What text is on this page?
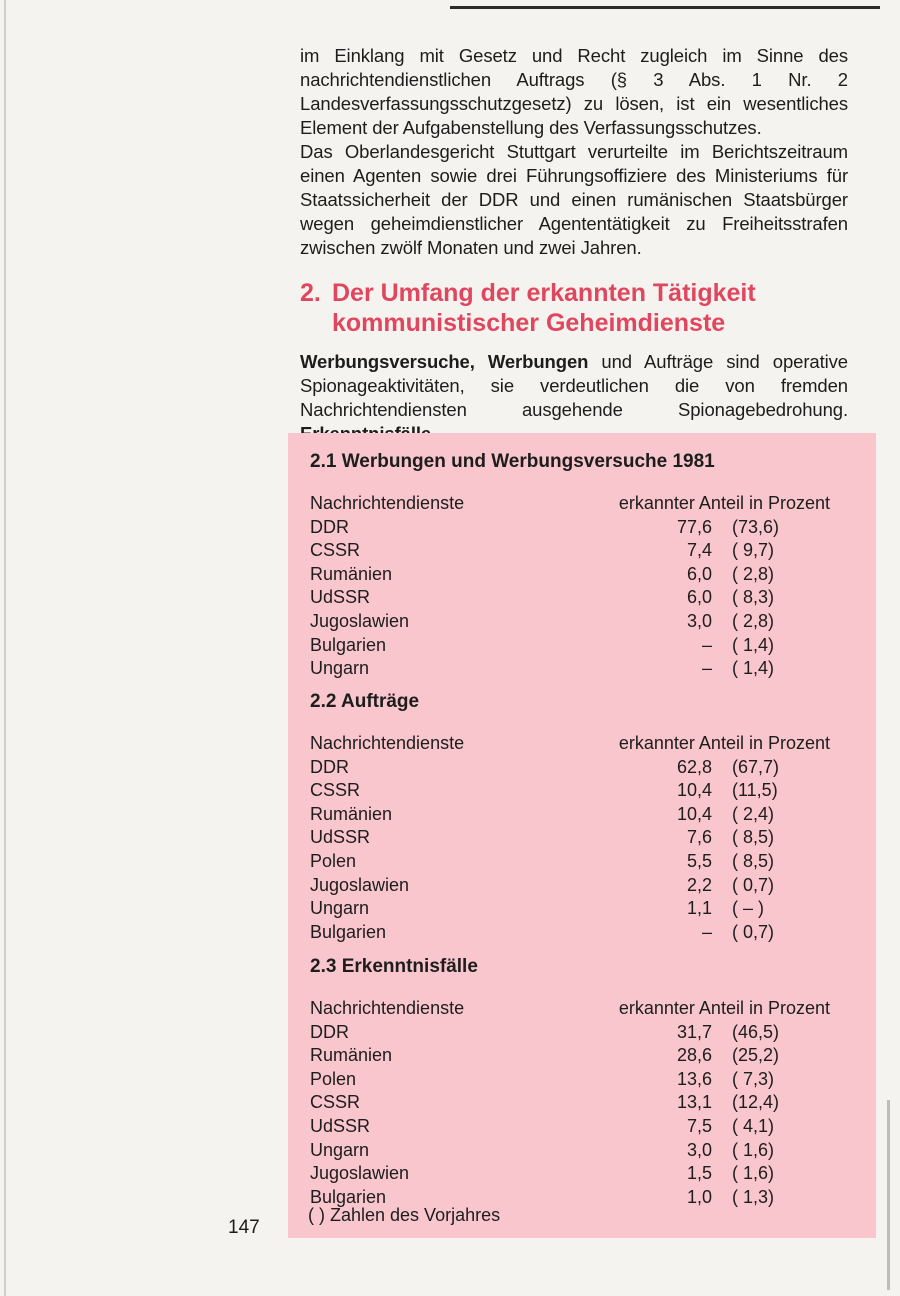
im Einklang mit Gesetz und Recht zugleich im Sinne des nachrichtendienstlichen Auftrags (§ 3 Abs. 1 Nr. 2 Landesverfassungsschutzgesetz) zu lösen, ist ein wesentliches Element der Aufgabenstellung des Verfassungsschutzes.
Das Oberlandesgericht Stuttgart verurteilte im Berichtszeitraum einen Agenten sowie drei Führungsoffiziere des Ministeriums für Staatssicherheit der DDR und einen rumänischen Staatsbürger wegen geheimdienstlicher Agententätigkeit zu Freiheitsstrafen zwischen zwölf Monaten und zwei Jahren.
2. Der Umfang der erkannten Tätigkeit
kommunistischer Geheimdienste
Werbungsversuche, Werbungen und Aufträge sind operative Spionageaktivitäten, sie verdeutlichen die von fremden Nachrichtendiensten ausgehende Spionagebedrohung.
2.1 Werbungen und Werbungsversuche 1981
Nachrichtendienste	erkannter Anteil in Prozent
DDR	77,6	(73,6)
CSSR	7,4	( 9,7)
Rumänien	6,0	( 2,8)
UdSSR	6,0	( 8,3)
Jugoslawien	3,0	( 2,8)
Bulgarien	–	( 1,4)
Ungarn	–	( 1,4)
2.2 Aufträge
Nachrichtendienste	erkannter Anteil in Prozent
DDR	62,8	(67,7)
CSSR	10,4	(11,5)
Rumänien	10,4	( 2,4)
UdSSR	7,6	( 8,5)
Polen	5,5	( 8,5)
Jugoslawien	2,2	( 0,7)
Ungarn	1,1	( – )
Bulgarien	–	( 0,7)
2.3 Erkenntnisfälle
Nachrichtendienste	erkannter Anteil in Prozent
DDR	31,7	(46,5)
Rumänien	28,6	(25,2)
Polen	13,6	( 7,3)
CSSR	13,1	(12,4)
UdSSR	7,5	( 4,1)
Ungarn	3,0	( 1,6)
Jugoslawien	1,5	( 1,6)
Bulgarien	1,0	( 1,3)
( ) Zahlen des Vorjahres
147
